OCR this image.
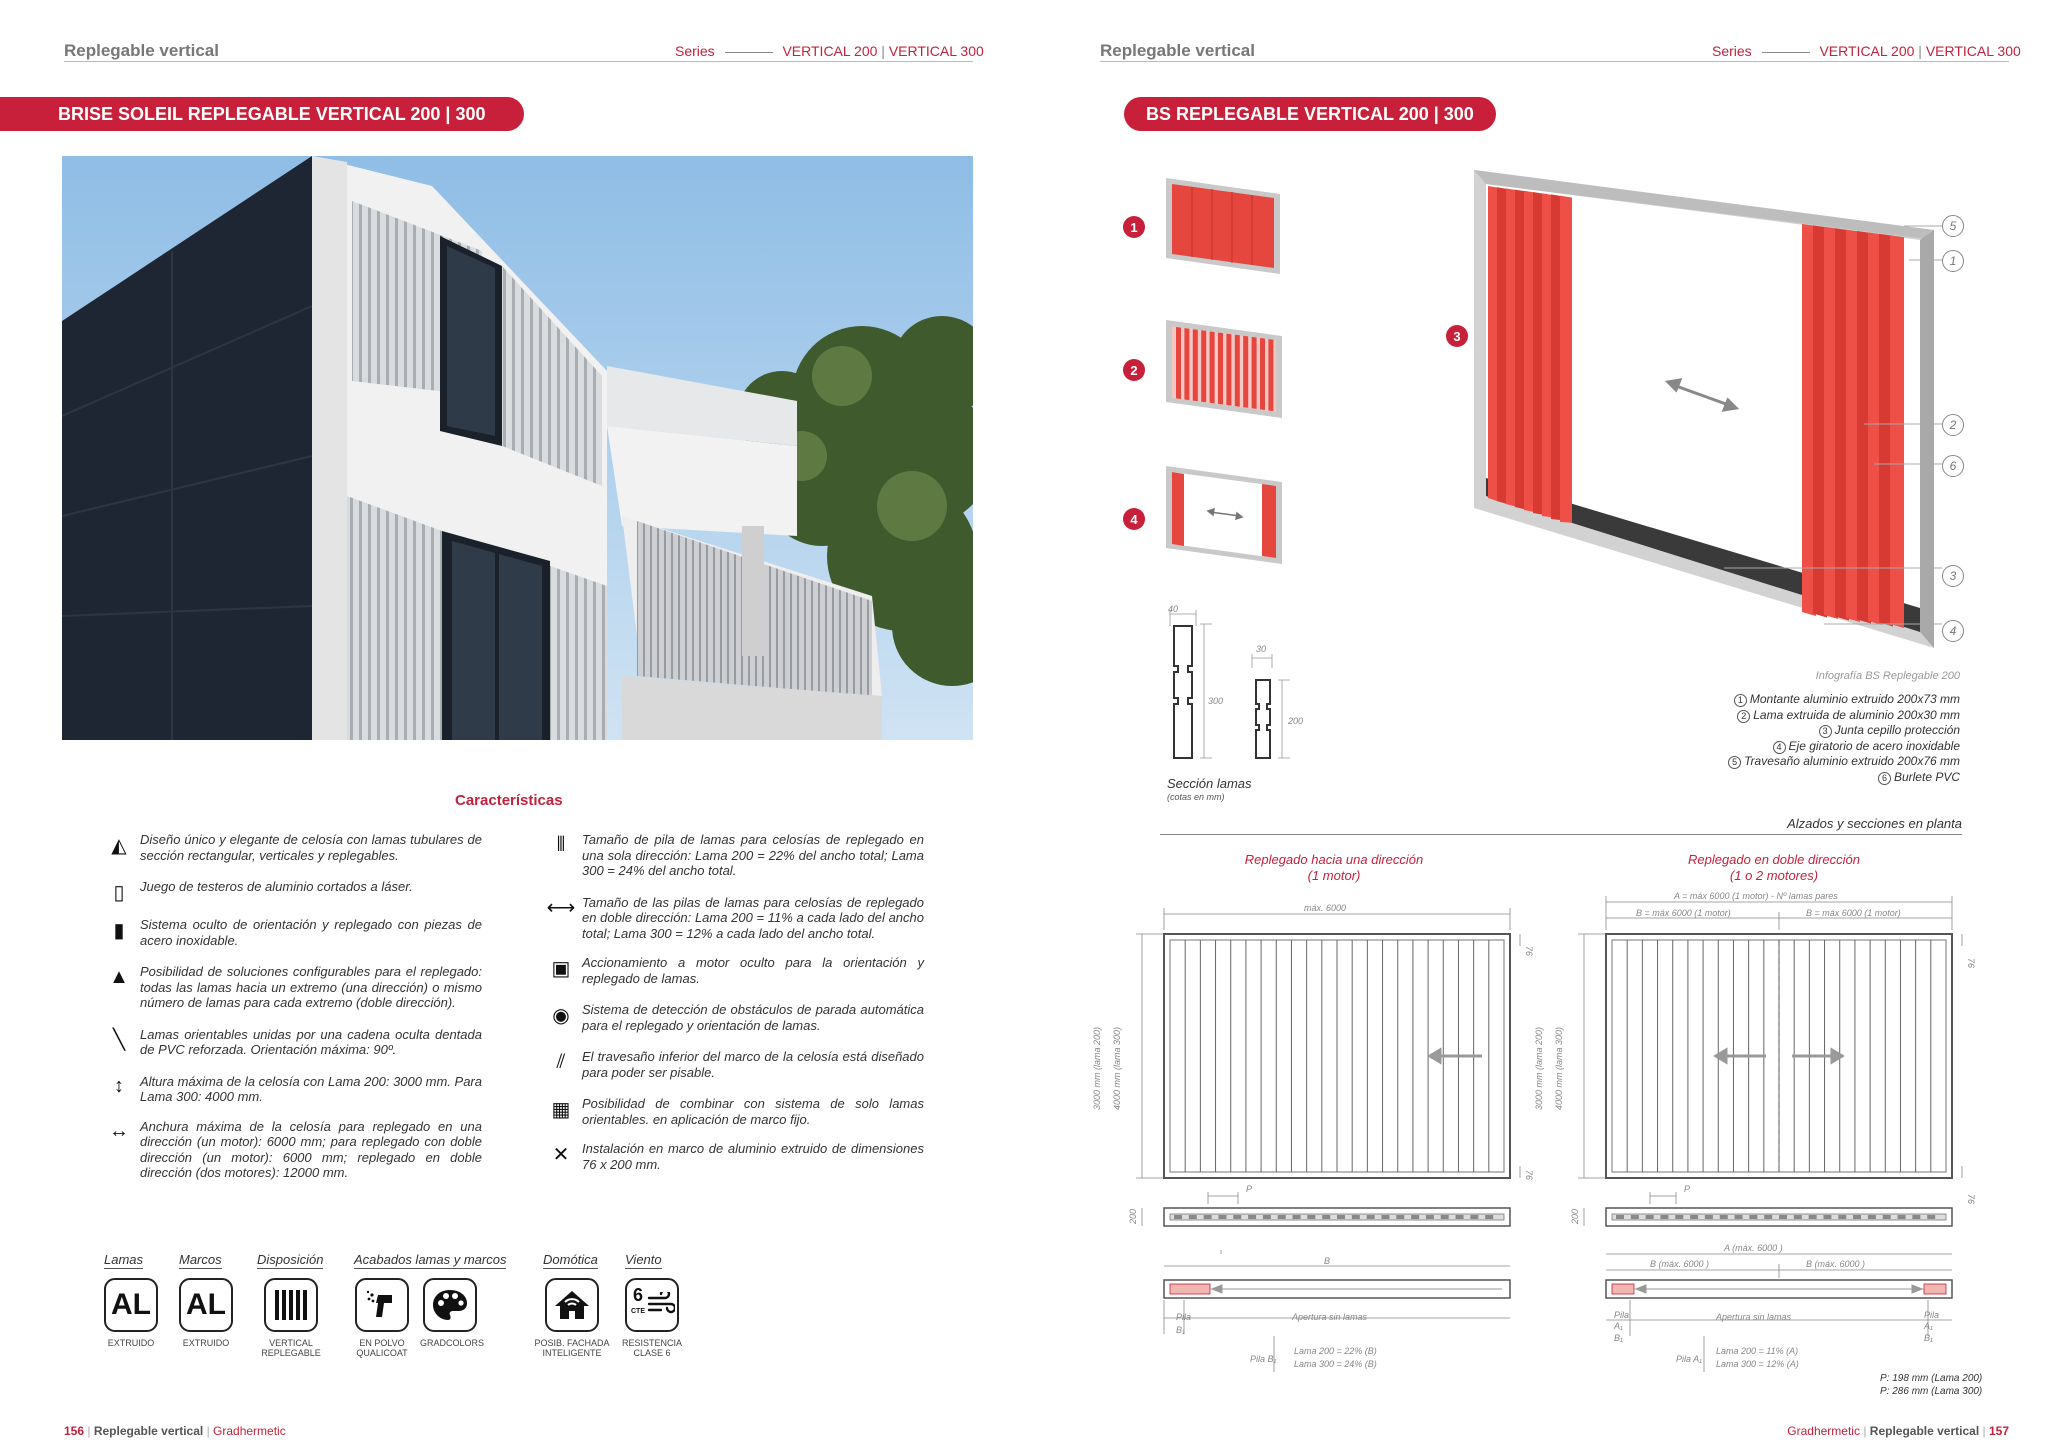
Replegable vertical	Series	VERTICAL 200 | VERTICAL 300
BRISE SOLEIL REPLEGABLE VERTICAL 200 | 300
Características
◭	Diseño único y elegante de celosía con lamas tubulares de sección rectangular, verticales y replegables.
▯	Juego de testeros de aluminio cortados a láser.
▮	Sistema oculto de orientación y replegado con piezas de acero inoxidable.
▲ Posibilidad de soluciones configurables para el replegado: todas las lamas hacia un extremo (una dirección) o mismo número de lamas para cada extremo (doble dirección).
╲	Lamas orientables unidas por una cadena oculta dentada de PVC reforzada. Orientación máxima: 90º.
↕	Altura máxima de la celosía con Lama 200: 3000 mm. Para Lama 300: 4000 mm.
↔ Anchura máxima de la celosía para replegado en una dirección (un motor): 6000 mm; para replegado con doble dirección (un motor): 6000 mm; replegado en doble dirección (dos motores): 12000 mm.
⫴	Tamaño de pila de lamas para celosías de replegado en una sola dirección: Lama 200 = 22% del ancho total; Lama 300 = 24% del ancho total.
⟷ Tamaño de las pilas de lamas para celosías de replegado en doble dirección: Lama 200 = 11% a cada lado del ancho total; Lama 300 = 12% a cada lado del ancho total.
▣ Accionamiento a motor oculto para la orientación y replegado de lamas.
◉ Sistema de detección de obstáculos de parada automática para el replegado y orientación de lamas.
⫽	El travesaño inferior del marco de la celosía está diseñado para poder ser pisable.
▦ Posibilidad de combinar con sistema de solo lamas orientables. en aplicación de marco fijo.
✕ Instalación en marco de aluminio extruido de dimensiones 76 x 200 mm.
Lamas	Marcos	Disposición Acabados lamas y marcos	Domótica Viento
AL
EXTRUIDO
AL
EXTRUIDO	VERTICAL REPLEGABLE
EN POLVO QUALICOAT
GRADCOLORS	POSIB. FACHADA INTELIGENTE
6
CTE
RESISTENCIA CLASE 6
156 | Replegable vertical | Gradhermetic
Replegable vertical	Series	VERTICAL 200 | VERTICAL 300
BS REPLEGABLE VERTICAL 200 | 300
1
2
3
4
5
1
2
6
3
4
40
300
30
200
Sección lamas
(cotas en mm)
Infografía BS Replegable 200
1 Montante aluminio extruido 200x73 mm
2 Lama extruida de aluminio 200x30 mm
3 Junta cepillo protección
4 Eje giratorio de acero inoxidable
5 Travesaño aluminio extruido 200x76 mm
6 Burlete PVC
Alzados y secciones en planta
Replegado hacia una dirección
(1 motor)
Replegado en doble dirección
(1 o 2 motores)
máx. 6000
3000 mm (lama 200) 4000 mm (lama 300)
76
76
P
200
B
Pila
B₁
Apertura sin lamas
Pila B₁
Lama 200 = 22% (B)
Lama 300 = 24% (B)
A = máx 6000 (1 motor) - Nº lamas pares
B = máx 6000 (1 motor)	B = máx 6000 (1 motor)
3000 mm (lama 200) 4000 mm (lama 300)
76
76
P
200
A (máx. 6000 )
B (máx. 6000 )	B (máx. 6000 )
Pila
A₁
B₁
Apertura sin lamas	Pila
A₁
B₁
Pila A₁
Lama 200 = 11% (A)
Lama 300 = 12% (A)
P: 198 mm (Lama 200)
P: 286 mm (Lama 300)
Gradhermetic | Replegable vertical | 157
